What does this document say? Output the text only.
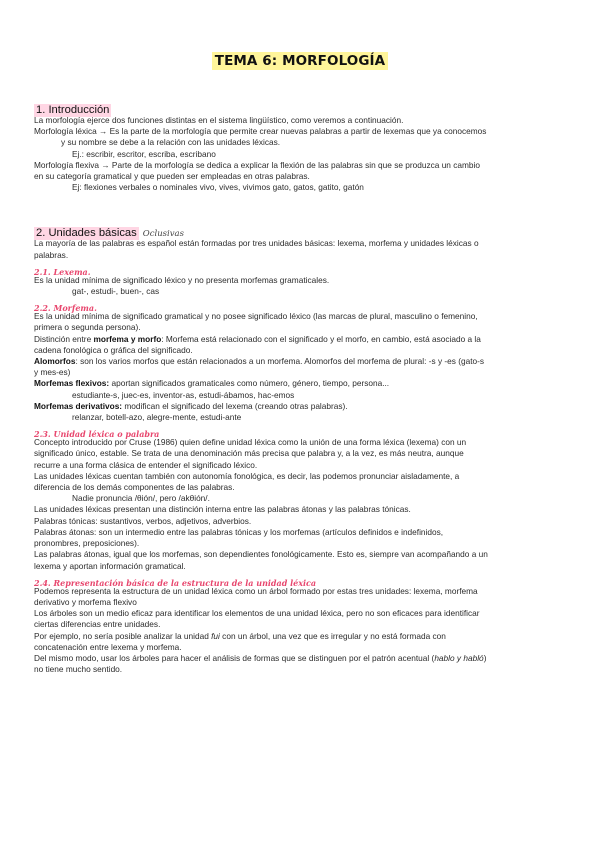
TEMA 6: MORFOLOGÍA
1. Introducción

La morfología ejerce dos funciones distintas en el sistema lingüístico, como veremos a continuación.

Morfología léxica → Es la parte de la morfología que permite crear nuevas palabras a partir de lexemas que ya conocemos

y su nombre se debe a la relación con las unidades léxicas.

Ej.: escribir, escritor, escriba, escribano

Morfología flexiva → Parte de la morfología se dedica a explicar la flexión de las palabras sin que se produzca un cambio

en su categoría gramatical y que pueden ser empleadas en otras palabras.

Ej: flexiones verbales o nominales vivo, vives, vivimos gato, gatos, gatito, gatón

2. Unidades básicas Oclusivas

La mayoría de las palabras es español están formadas por tres unidades básicas: lexema, morfema y unidades léxicas o

palabras.

2.1. Lexema.

Es la unidad mínima de significado léxico y no presenta morfemas gramaticales.

gat-, estudi-, buen-, cas

2.2. Morfema.

Es la unidad mínima de significado gramatical y no posee significado léxico (las marcas de plural, masculino o femenino,

primera o segunda persona).

Distinción entre morfema y morfo: Morfema está relacionado con el significado y el morfo, en cambio, está asociado a la

cadena fonológica o gráfica del significado.

Alomorfos: son los varios morfos que están relacionados a un morfema. Alomorfos del morfema de plural: -s y -es (gato-s

y mes-es)

Morfemas flexivos: aportan significados gramaticales como número, género, tiempo, persona...

estudiante-s, juec-es, inventor-as, estudi-ábamos, hac-emos

Morfemas derivativos: modifican el significado del lexema (creando otras palabras).

relanzar, botell-azo, alegre-mente, estudi-ante

2.3. Unidad léxica o palabra

Concepto introducido por Cruse (1986) quien define unidad léxica como la unión de una forma léxica (lexema) con un

significado único, estable. Se trata de una denominación más precisa que palabra y, a la vez, es más neutra, aunque

recurre a una forma clásica de entender el significado léxico.

Las unidades léxicas cuentan también con autonomía fonológica, es decir, las podemos pronunciar aisladamente, a

diferencia de los demás componentes de las palabras.

Nadie pronuncia /θión/, pero /akθión/.

Las unidades léxicas presentan una distinción interna entre las palabras átonas y las palabras tónicas.

Palabras tónicas: sustantivos, verbos, adjetivos, adverbios.

Palabras átonas: son un intermedio entre las palabras tónicas y los morfemas (artículos definidos e indefinidos,

pronombres, preposiciones).

Las palabras átonas, igual que los morfemas, son dependientes fonológicamente. Esto es, siempre van acompañando a un

lexema y aportan información gramatical.

2.4. Representación básica de la estructura de la unidad léxica

Podemos representa la estructura de un unidad léxica como un árbol formado por estas tres unidades: lexema, morfema

derivativo y morfema flexivo

Los árboles son un medio eficaz para identificar los elementos de una unidad léxica, pero no son eficaces para identificar

ciertas diferencias entre unidades.

Por ejemplo, no sería posible analizar la unidad fui con un árbol, una vez que es irregular y no está formada con

concatenación entre lexema y morfema.

Del mismo modo, usar los árboles para hacer el análisis de formas que se distinguen por el patrón acentual (hablo y habló)

no tiene mucho sentido.
